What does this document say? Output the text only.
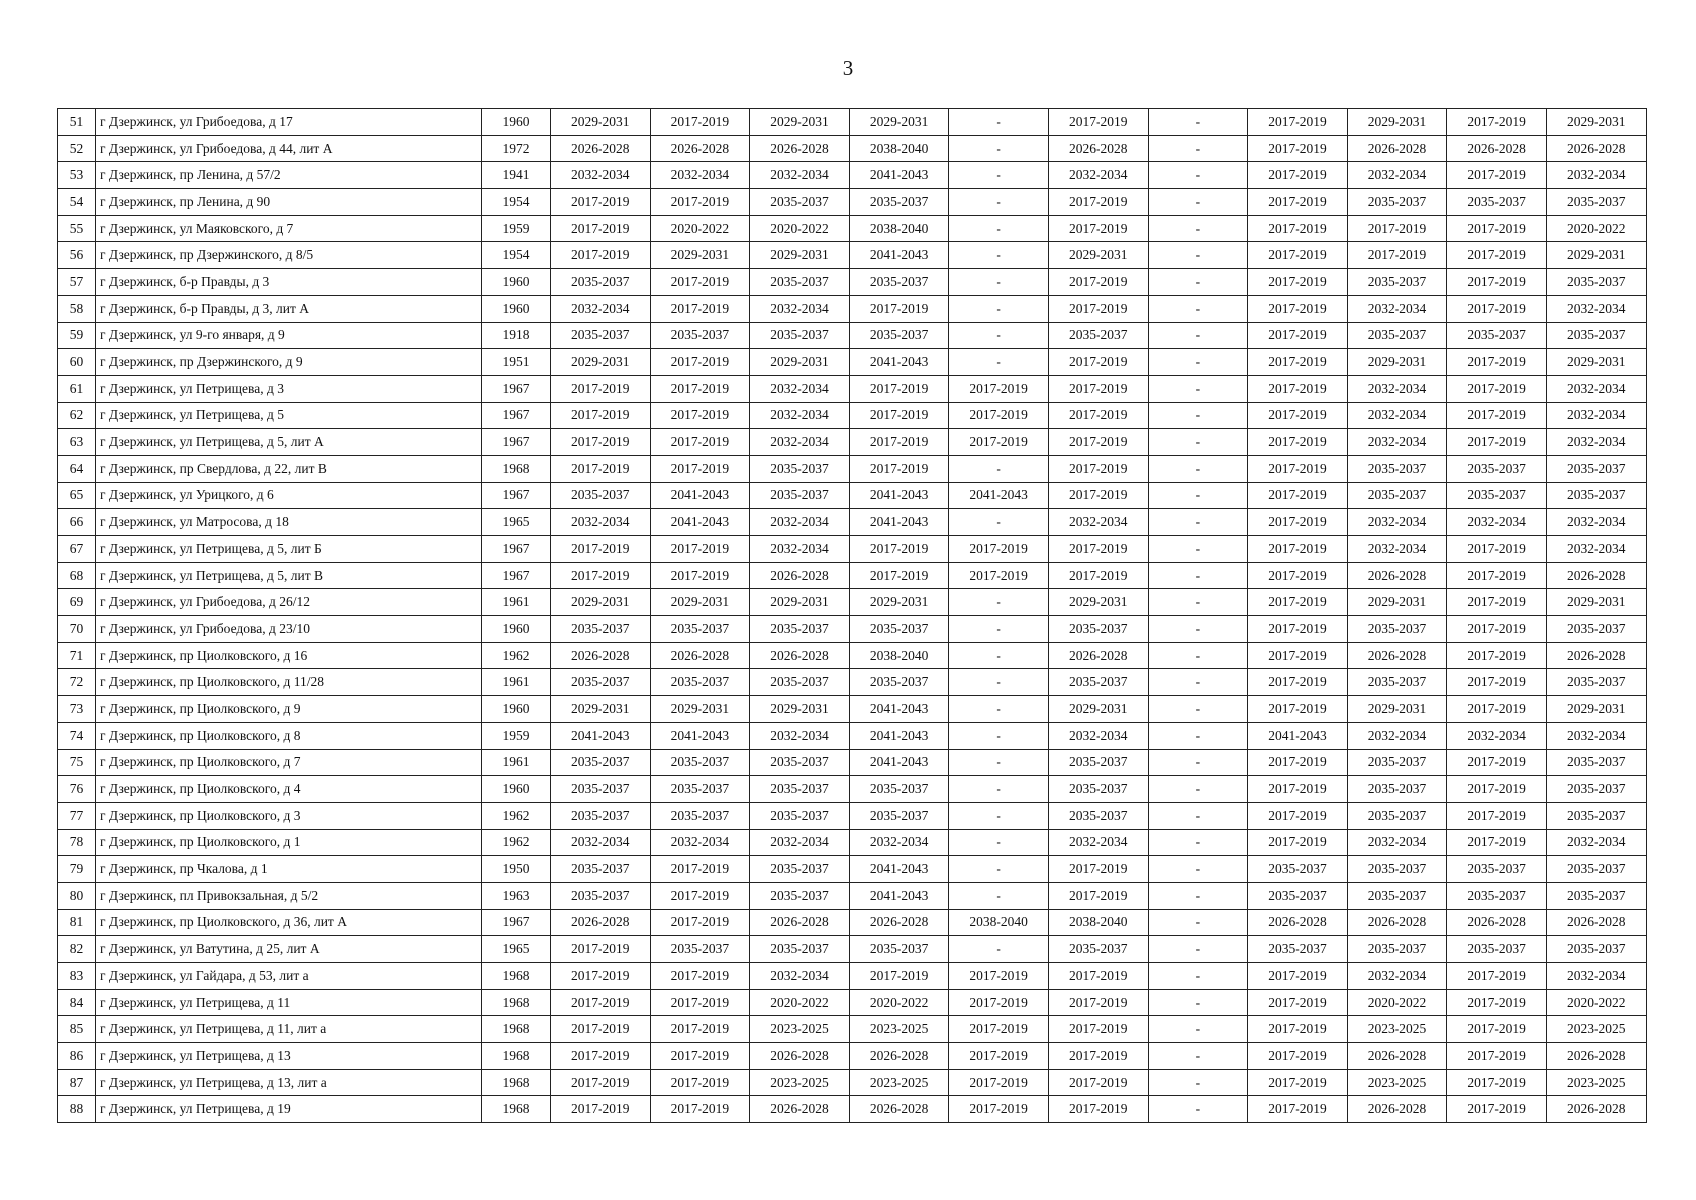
3
51	г Дзержинск, ул Грибоедова, д 17	1960	2029-2031	2017-2019	2029-2031	2029-2031	-	2017-2019	-	2017-2019	2029-2031	2017-2019	2029-2031
52	г Дзержинск, ул Грибоедова, д 44, лит А	1972	2026-2028	2026-2028	2026-2028	2038-2040	-	2026-2028	-	2017-2019	2026-2028	2026-2028	2026-2028
53	г Дзержинск, пр Ленина, д 57/2	1941	2032-2034	2032-2034	2032-2034	2041-2043	-	2032-2034	-	2017-2019	2032-2034	2017-2019	2032-2034
54	г Дзержинск, пр Ленина, д 90	1954	2017-2019	2017-2019	2035-2037	2035-2037	-	2017-2019	-	2017-2019	2035-2037	2035-2037	2035-2037
55	г Дзержинск, ул Маяковского, д 7	1959	2017-2019	2020-2022	2020-2022	2038-2040	-	2017-2019	-	2017-2019	2017-2019	2017-2019	2020-2022
56	г Дзержинск, пр Дзержинского, д 8/5	1954	2017-2019	2029-2031	2029-2031	2041-2043	-	2029-2031	-	2017-2019	2017-2019	2017-2019	2029-2031
57	г Дзержинск, б-р Правды, д 3	1960	2035-2037	2017-2019	2035-2037	2035-2037	-	2017-2019	-	2017-2019	2035-2037	2017-2019	2035-2037
58	г Дзержинск, б-р Правды, д 3, лит А	1960	2032-2034	2017-2019	2032-2034	2017-2019	-	2017-2019	-	2017-2019	2032-2034	2017-2019	2032-2034
59	г Дзержинск, ул 9-го января, д 9	1918	2035-2037	2035-2037	2035-2037	2035-2037	-	2035-2037	-	2017-2019	2035-2037	2035-2037	2035-2037
60	г Дзержинск, пр Дзержинского, д 9	1951	2029-2031	2017-2019	2029-2031	2041-2043	-	2017-2019	-	2017-2019	2029-2031	2017-2019	2029-2031
61	г Дзержинск, ул Петрищева, д 3	1967	2017-2019	2017-2019	2032-2034	2017-2019	2017-2019	2017-2019	-	2017-2019	2032-2034	2017-2019	2032-2034
62	г Дзержинск, ул Петрищева, д 5	1967	2017-2019	2017-2019	2032-2034	2017-2019	2017-2019	2017-2019	-	2017-2019	2032-2034	2017-2019	2032-2034
63	г Дзержинск, ул Петрищева, д 5, лит А	1967	2017-2019	2017-2019	2032-2034	2017-2019	2017-2019	2017-2019	-	2017-2019	2032-2034	2017-2019	2032-2034
64	г Дзержинск, пр Свердлова, д 22, лит В	1968	2017-2019	2017-2019	2035-2037	2017-2019	-	2017-2019	-	2017-2019	2035-2037	2035-2037	2035-2037
65	г Дзержинск, ул Урицкого, д 6	1967	2035-2037	2041-2043	2035-2037	2041-2043	2041-2043	2017-2019	-	2017-2019	2035-2037	2035-2037	2035-2037
66	г Дзержинск, ул Матросова, д 18	1965	2032-2034	2041-2043	2032-2034	2041-2043	-	2032-2034	-	2017-2019	2032-2034	2032-2034	2032-2034
67	г Дзержинск, ул Петрищева, д 5, лит Б	1967	2017-2019	2017-2019	2032-2034	2017-2019	2017-2019	2017-2019	-	2017-2019	2032-2034	2017-2019	2032-2034
68	г Дзержинск, ул Петрищева, д 5, лит В	1967	2017-2019	2017-2019	2026-2028	2017-2019	2017-2019	2017-2019	-	2017-2019	2026-2028	2017-2019	2026-2028
69	г Дзержинск, ул Грибоедова, д 26/12	1961	2029-2031	2029-2031	2029-2031	2029-2031	-	2029-2031	-	2017-2019	2029-2031	2017-2019	2029-2031
70	г Дзержинск, ул Грибоедова, д 23/10	1960	2035-2037	2035-2037	2035-2037	2035-2037	-	2035-2037	-	2017-2019	2035-2037	2017-2019	2035-2037
71	г Дзержинск, пр Циолковского, д 16	1962	2026-2028	2026-2028	2026-2028	2038-2040	-	2026-2028	-	2017-2019	2026-2028	2017-2019	2026-2028
72	г Дзержинск, пр Циолковского, д 11/28	1961	2035-2037	2035-2037	2035-2037	2035-2037	-	2035-2037	-	2017-2019	2035-2037	2017-2019	2035-2037
73	г Дзержинск, пр Циолковского, д 9	1960	2029-2031	2029-2031	2029-2031	2041-2043	-	2029-2031	-	2017-2019	2029-2031	2017-2019	2029-2031
74	г Дзержинск, пр Циолковского, д 8	1959	2041-2043	2041-2043	2032-2034	2041-2043	-	2032-2034	-	2041-2043	2032-2034	2032-2034	2032-2034
75	г Дзержинск, пр Циолковского, д 7	1961	2035-2037	2035-2037	2035-2037	2041-2043	-	2035-2037	-	2017-2019	2035-2037	2017-2019	2035-2037
76	г Дзержинск, пр Циолковского, д 4	1960	2035-2037	2035-2037	2035-2037	2035-2037	-	2035-2037	-	2017-2019	2035-2037	2017-2019	2035-2037
77	г Дзержинск, пр Циолковского, д 3	1962	2035-2037	2035-2037	2035-2037	2035-2037	-	2035-2037	-	2017-2019	2035-2037	2017-2019	2035-2037
78	г Дзержинск, пр Циолковского, д 1	1962	2032-2034	2032-2034	2032-2034	2032-2034	-	2032-2034	-	2017-2019	2032-2034	2017-2019	2032-2034
79	г Дзержинск, пр Чкалова, д 1	1950	2035-2037	2017-2019	2035-2037	2041-2043	-	2017-2019	-	2035-2037	2035-2037	2035-2037	2035-2037
80	г Дзержинск, пл Привокзальная, д 5/2	1963	2035-2037	2017-2019	2035-2037	2041-2043	-	2017-2019	-	2035-2037	2035-2037	2035-2037	2035-2037
81	г Дзержинск, пр Циолковского, д 36, лит А	1967	2026-2028	2017-2019	2026-2028	2026-2028	2038-2040	2038-2040	-	2026-2028	2026-2028	2026-2028	2026-2028
82	г Дзержинск, ул Ватутина, д 25, лит А	1965	2017-2019	2035-2037	2035-2037	2035-2037	-	2035-2037	-	2035-2037	2035-2037	2035-2037	2035-2037
83	г Дзержинск, ул Гайдара, д 53, лит а	1968	2017-2019	2017-2019	2032-2034	2017-2019	2017-2019	2017-2019	-	2017-2019	2032-2034	2017-2019	2032-2034
84	г Дзержинск, ул Петрищева, д 11	1968	2017-2019	2017-2019	2020-2022	2020-2022	2017-2019	2017-2019	-	2017-2019	2020-2022	2017-2019	2020-2022
85	г Дзержинск, ул Петрищева, д 11, лит а	1968	2017-2019	2017-2019	2023-2025	2023-2025	2017-2019	2017-2019	-	2017-2019	2023-2025	2017-2019	2023-2025
86	г Дзержинск, ул Петрищева, д 13	1968	2017-2019	2017-2019	2026-2028	2026-2028	2017-2019	2017-2019	-	2017-2019	2026-2028	2017-2019	2026-2028
87	г Дзержинск, ул Петрищева, д 13, лит а	1968	2017-2019	2017-2019	2023-2025	2023-2025	2017-2019	2017-2019	-	2017-2019	2023-2025	2017-2019	2023-2025
88	г Дзержинск, ул Петрищева, д 19	1968	2017-2019	2017-2019	2026-2028	2026-2028	2017-2019	2017-2019	-	2017-2019	2026-2028	2017-2019	2026-2028
